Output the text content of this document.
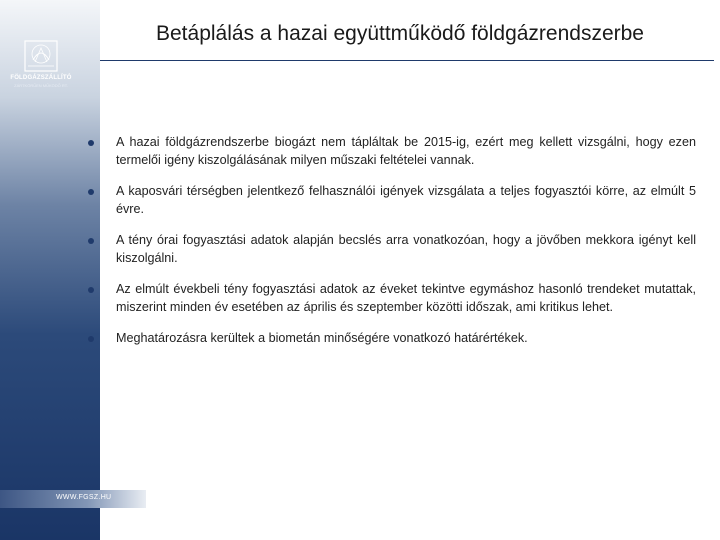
FÖLDGÁZSZÁLLÍTÓ
ZÁRTKÖRŰEN MŰKÖDŐ RT.
WWW.FGSZ.HU
Betáplálás a hazai együttműködő földgázrendszerbe
A hazai földgázrendszerbe biogázt nem tápláltak be 2015-ig, ezért meg kellett vizsgálni, hogy ezen termelői igény kiszolgálásának milyen műszaki feltételei vannak.
A kaposvári térségben jelentkező felhasználói igények vizsgálata a teljes fogyasztói körre, az elmúlt 5 évre.
A tény órai fogyasztási adatok alapján becslés arra vonatkozóan, hogy a jövőben mekkora igényt kell kiszolgálni.
Az elmúlt évekbeli tény fogyasztási adatok az éveket tekintve egymáshoz hasonló trendeket mutattak, miszerint minden év esetében az április és szeptember közötti időszak, ami kritikus lehet.
Meghatározásra kerültek a biometán minőségére vonatkozó határértékek.
